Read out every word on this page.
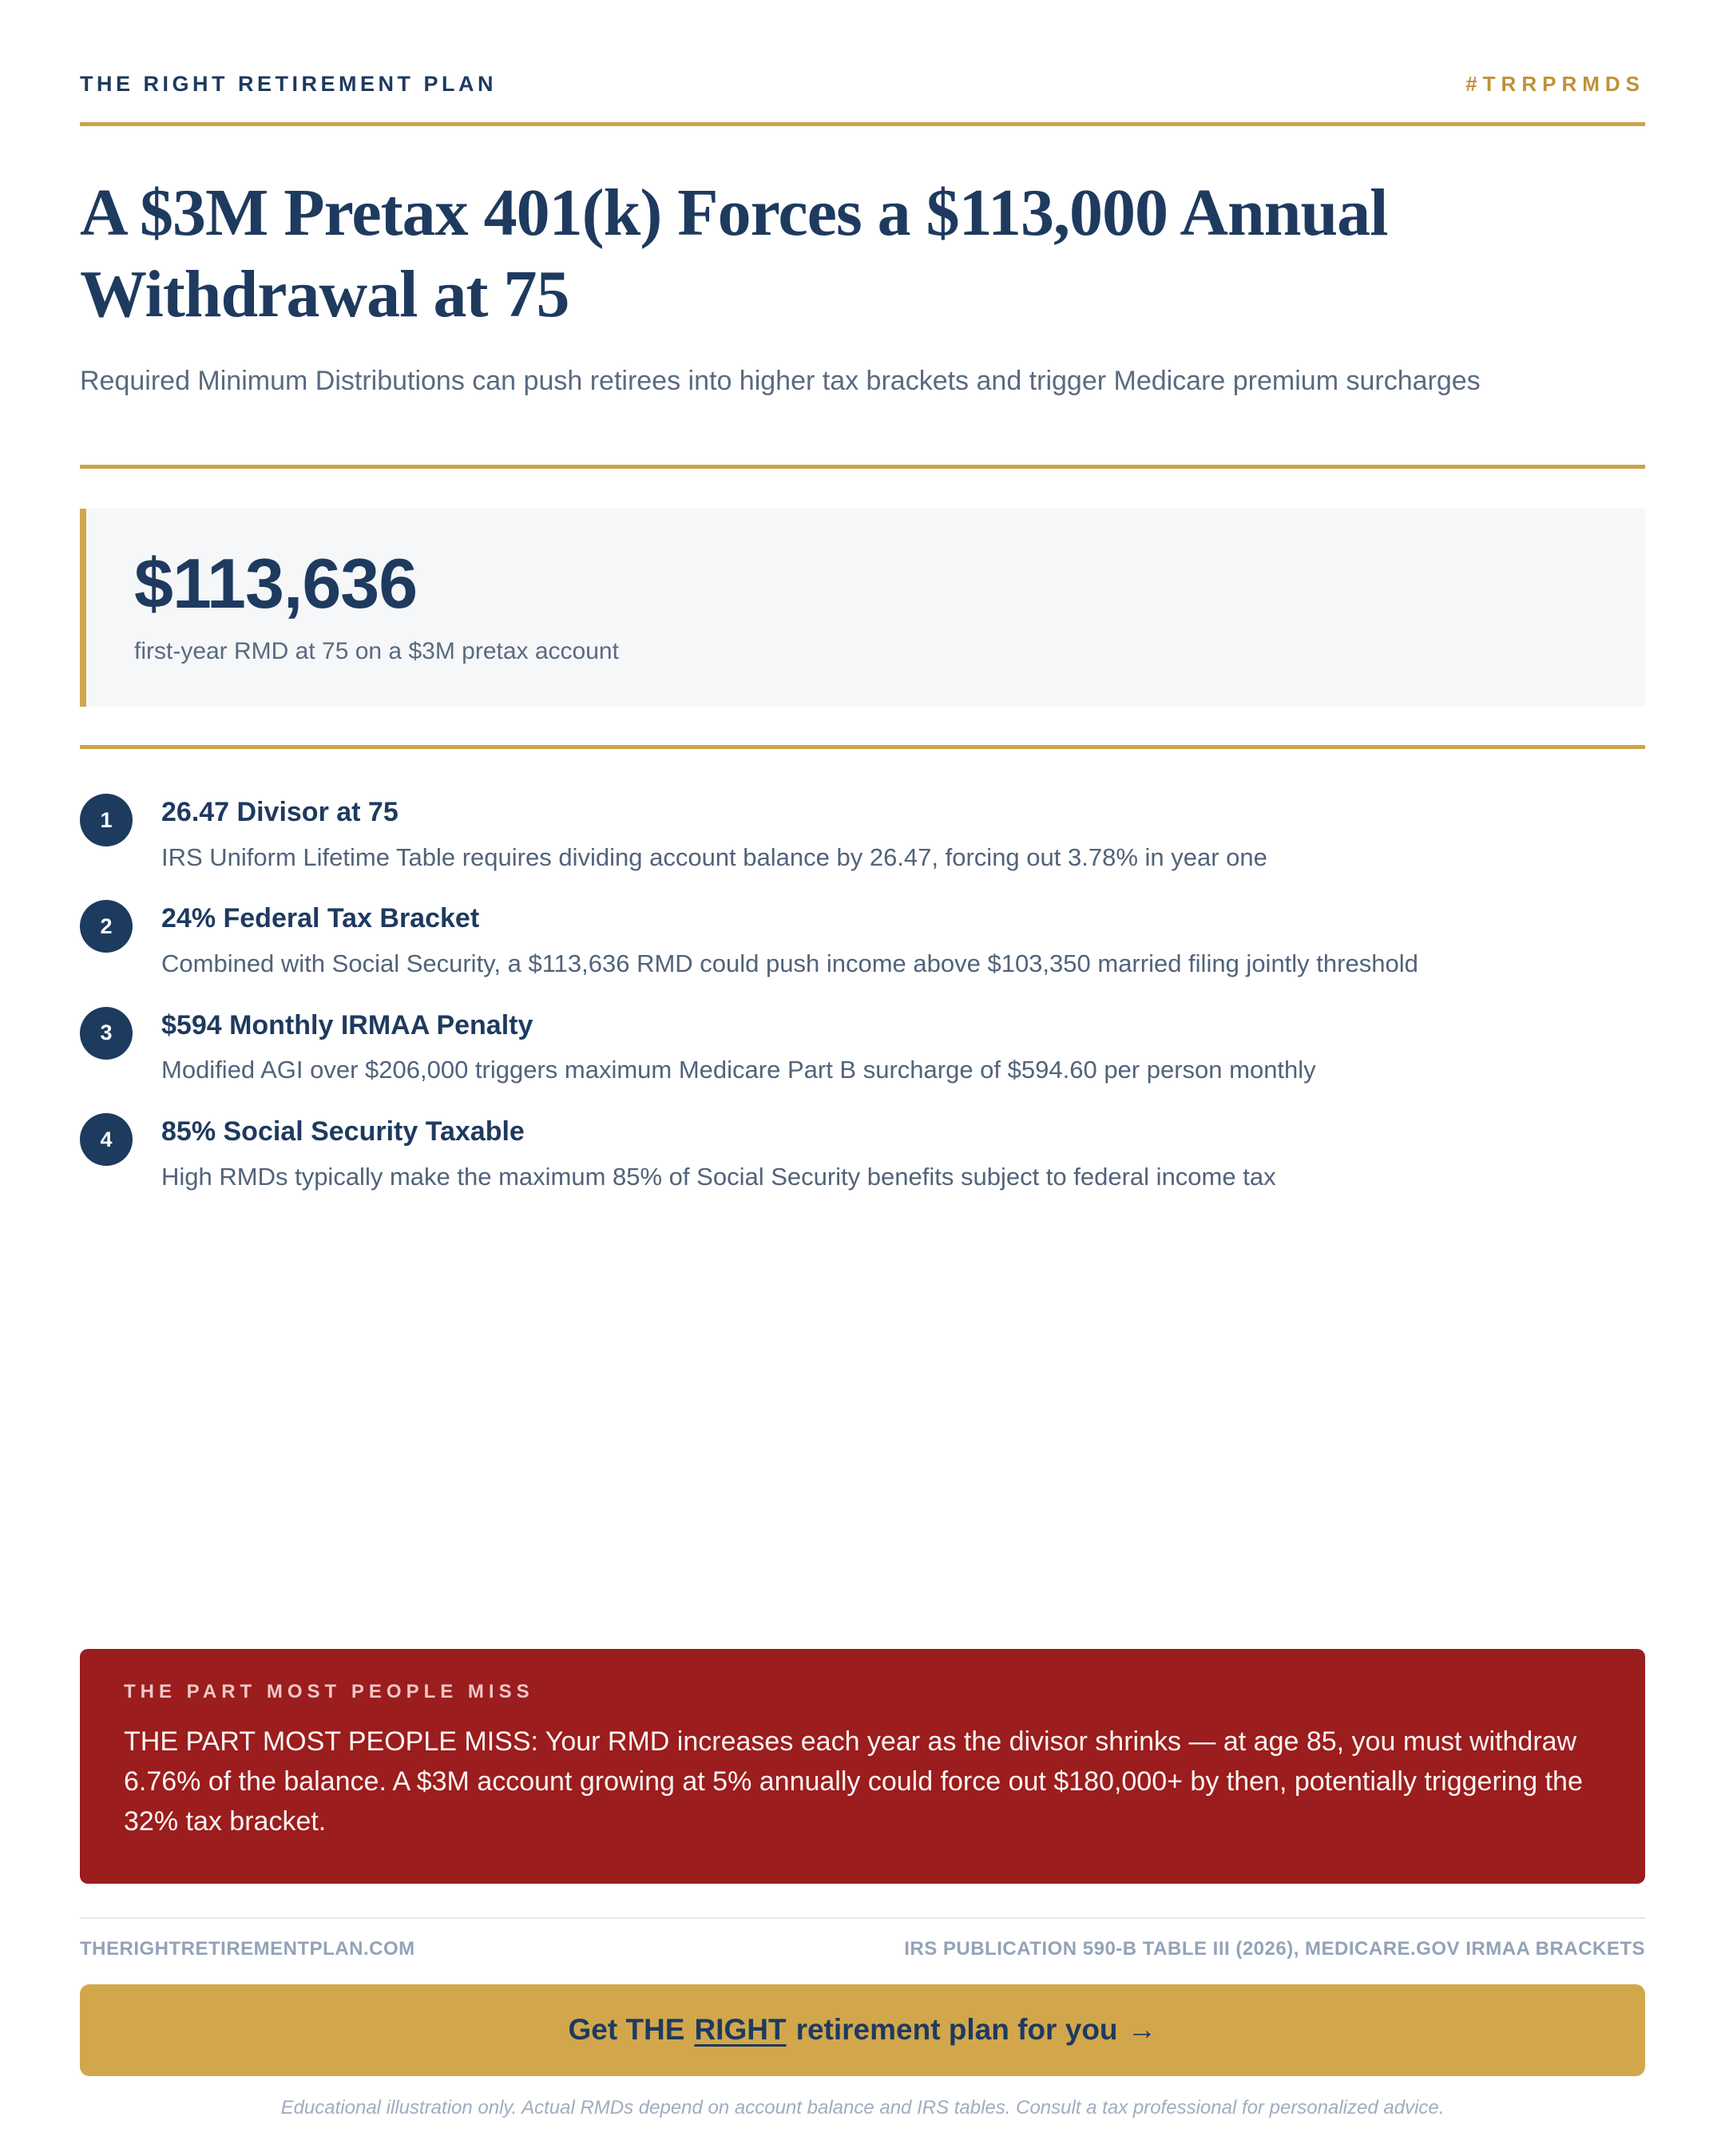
THE RIGHT RETIREMENT PLAN	#TRRPRMDS
A $3M Pretax 401(k) Forces a $113,000 Annual Withdrawal at 75

Required Minimum Distributions can push retirees into higher tax brackets and trigger Medicare premium surcharges

$113,636
first-year RMD at 75 on a $3M pretax account
1	26.47 Divisor at 75
IRS Uniform Lifetime Table requires dividing account balance by 26.47, forcing out 3.78% in year one
2	24% Federal Tax Bracket
Combined with Social Security, a $113,636 RMD could push income above $103,350 married filing jointly threshold
3	$594 Monthly IRMAA Penalty
Modified AGI over $206,000 triggers maximum Medicare Part B surcharge of $594.60 per person monthly
4	85% Social Security Taxable
High RMDs typically make the maximum 85% of Social Security benefits subject to federal income tax
THE PART MOST PEOPLE MISS
THE PART MOST PEOPLE MISS: Your RMD increases each year as the divisor shrinks — at age 85, you must withdraw 6.76% of the balance. A $3M account growing at 5% annually could force out $180,000+ by then, potentially triggering the 32% tax bracket.
THERIGHTRETIREMENTPLAN.COM	IRS PUBLICATION 590-B TABLE III (2026), MEDICARE.GOV IRMAA BRACKETS
Get THE RIGHT retirement plan for you →
Educational illustration only. Actual RMDs depend on account balance and IRS tables. Consult a tax professional for personalized advice.
